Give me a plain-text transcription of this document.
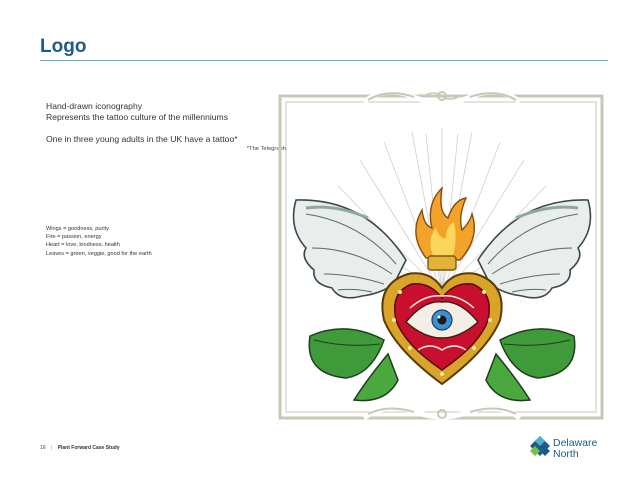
Logo
Hand-drawn iconography
Represents the tattoo culture of the millenniums
One in three young adults in the UK have a tattoo*
*The Telegraph
Wings = goodness, purity
Fire = passion, energy
Heart = love, kindness, health
Leaves = green, veggie, good for the earth
16 | Plant Forward Case Study	Delaware
North
